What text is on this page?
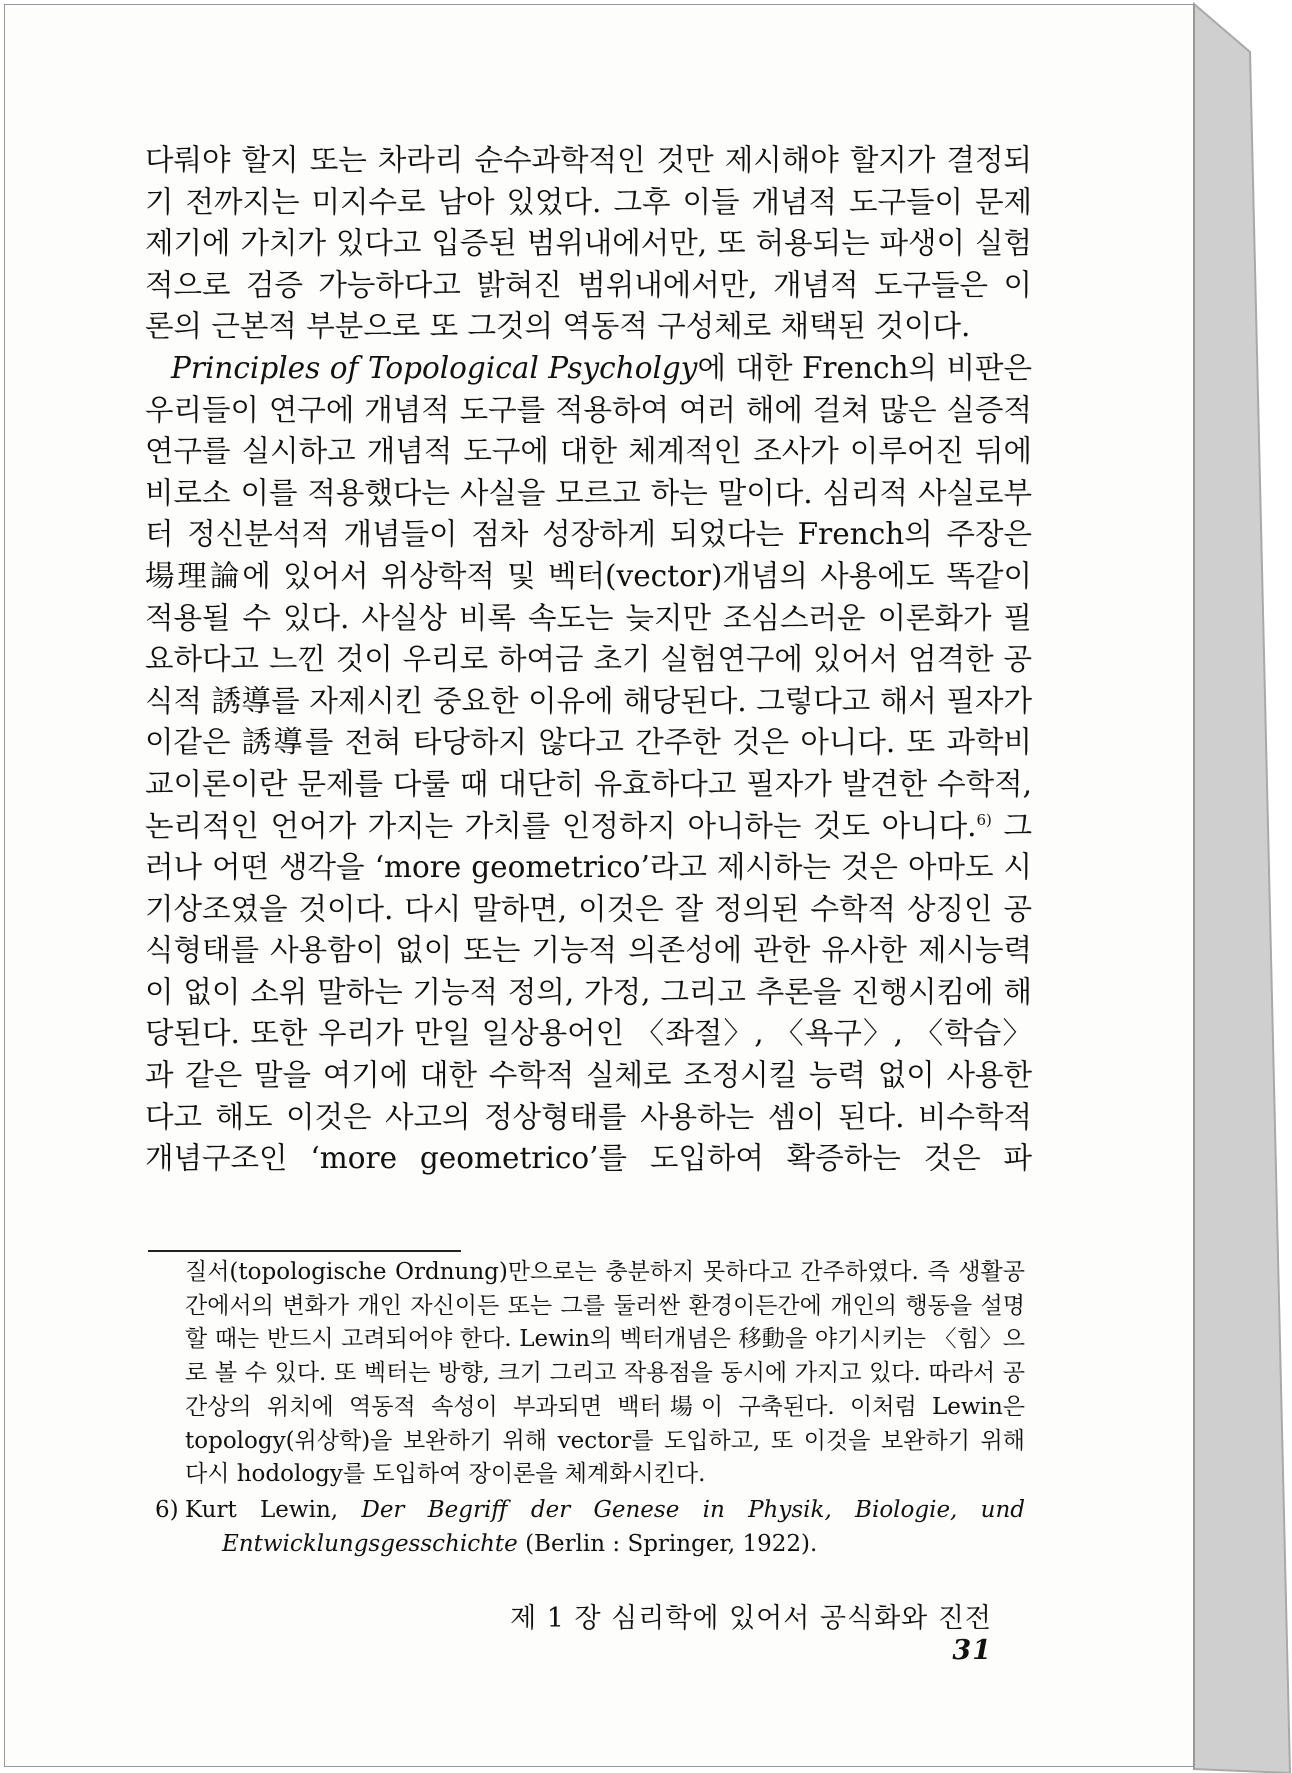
다뤄야 할지 또는 차라리 순수과학적인 것만 제시해야 할지가 결정되기 전까지는 미지수로 남아 있었다. 그후 이들 개념적 도구들이 문제제기에 가치가 있다고 입증된 범위내에서만, 또 허용되는 파생이 실험적으로 검증 가능하다고 밝혀진 범위내에서만, 개념적 도구들은 이
론의 근본적 부분으로 또 그것의 역동적 구성체로 채택된 것이다.

Principles of Topological Psycholgy에 대한 French의 비판은 우리들이 연구에 개념적 도구를 적용하여 여러 해에 걸쳐 많은 실증적 연구를 실시하고 개념적 도구에 대한 체계적인 조사가 이루어진 뒤에 비로소 이를 적용했다는 사실을 모르고 하는 말이다. 심리적 사실로부터 정신분석적 개념들이 점차 성장하게 되었다는 French의 주장은 場理論에 있어서 위상학적 및 벡터(vector)개념의 사용에도 똑같이 적용될 수 있다. 사실상 비록 속도는 늦지만 조심스러운 이론화가 필요하다고 느낀 것이 우리로 하여금 초기 실험연구에 있어서 엄격한 공식적 誘導를 자제시킨 중요한 이유에 해당된다. 그렇다고 해서 필자가 이같은 誘導를 전혀 타당하지 않다고 간주한 것은 아니다. 또 과학비교이론이란 문제를 다룰 때 대단히 유효하다고 필자가 발견한 수학적, 논리적인 언어가 가지는 가치를 인정하지 아니하는 것도 아니다.$^{6)}$ 그러나 어떤 생각을 ‘more geometrico’라고 제시하는 것은 아마도 시기상조였을 것이다. 다시 말하면, 이것은 잘 정의된 수학적 상징인 공식형태를 사용함이 없이 또는 기능적 의존성에 관한 유사한 제시능력이 없이 소위 말하는 기능적 정의, 가정, 그리고 추론을 진행시킴에 해당된다. 또한 우리가 만일 일상용어인 〈좌절〉, 〈욕구〉, 〈학습〉과 같은 말을 여기에 대한 수학적 실체로 조정시킬 능력 없이 사용한다고 해도 이것은 사고의 정상형태를 사용하는 셈이 된다. 비수학적 개념구조인 ‘more geometrico’를 도입하여 확증하는 것은 파

질서(topologische Ordnung)만으로는 충분하지 못하다고 간주하였다. 즉 생활공간에서의 변화가 개인 자신이든 또는 그를 둘러싼 환경이든간에 개인의 행동을 설명할 때는 반드시 고려되어야 한다. Lewin의 벡터개념은 移動을 야기시키는 〈힘〉으로 볼 수 있다. 또 벡터는 방향, 크기 그리고 작용점을 동시에 가지고 있다. 따라서 공간상의 위치에 역동적 속성이 부과되면 백터場이 구축된다. 이처럼 Lewin은 topology(위상학)을 보완하기 위해 vector를 도입하고, 또 이것을 보완하기 위해 다시 hodology를 도입하여 장이론을 체계화시킨다.

6) Kurt Lewin, Der Begriff der Genese in Physik, Biologie, und
Entwicklungsgesschichte (Berlin : Springer, 1922).

제 1 장 심리학에 있어서 공식화와 진전31
